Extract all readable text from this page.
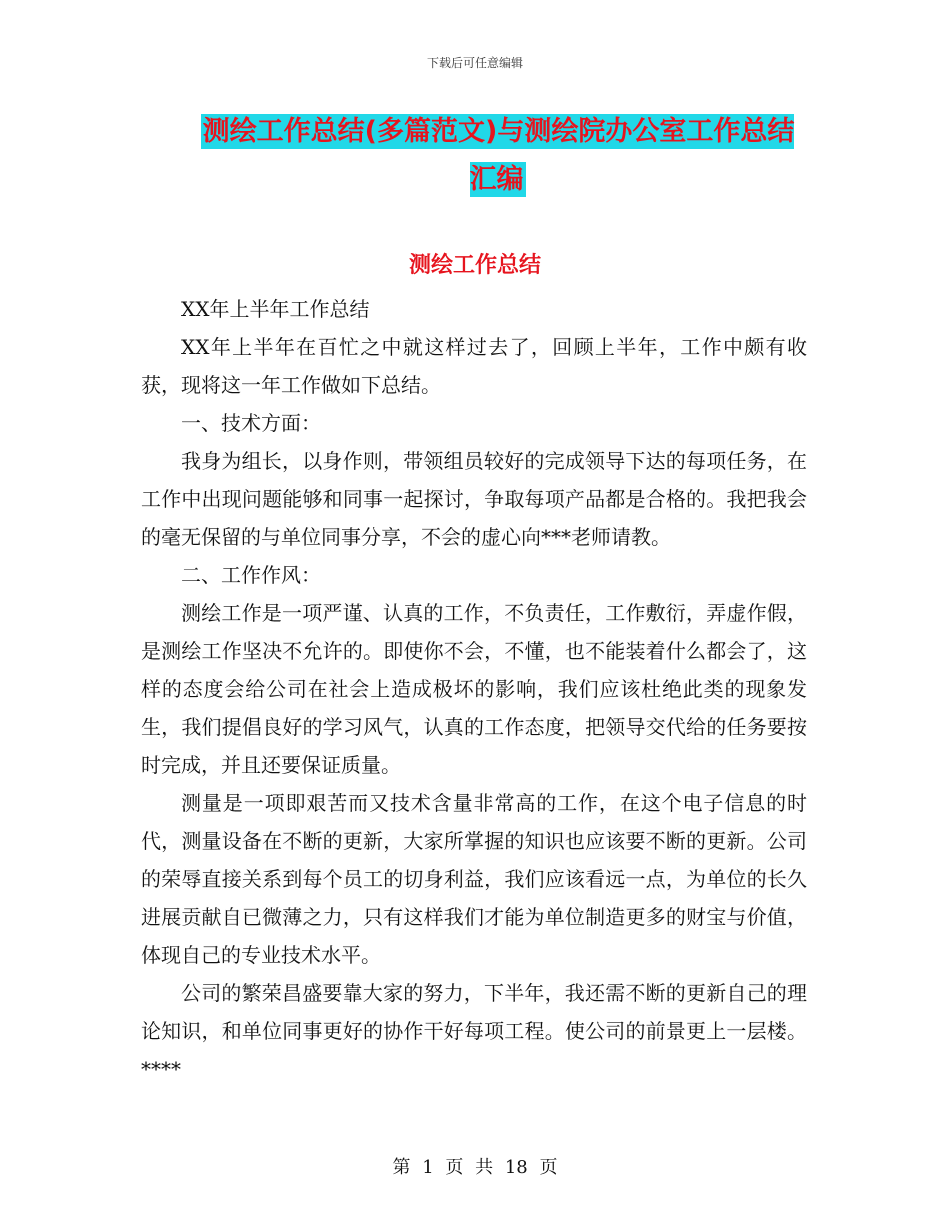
下载后可任意编辑
测绘工作总结(多篇范文)与测绘院办公室工作总结汇编
测绘工作总结

XX年上半年工作总结

XX年上半年在百忙之中就这样过去了，回顾上半年，工作中颇有收获，现将这一年工作做如下总结。

一、技术方面：

我身为组长，以身作则，带领组员较好的完成领导下达的每项任务，在工作中出现问题能够和同事一起探讨，争取每项产品都是合格的。我把我会的毫无保留的与单位同事分享，不会的虚心向***老师请教。

二、工作作风：

测绘工作是一项严谨、认真的工作，不负责任，工作敷衍，弄虚作假，是测绘工作坚决不允许的。即使你不会，不懂，也不能装着什么都会了，这样的态度会给公司在社会上造成极坏的影响，我们应该杜绝此类的现象发生，我们提倡良好的学习风气，认真的工作态度，把领导交代给的任务要按时完成，并且还要保证质量。

测量是一项即艰苦而又技术含量非常高的工作，在这个电子信息的时代，测量设备在不断的更新，大家所掌握的知识也应该要不断的更新。公司的荣辱直接关系到每个员工的切身利益，我们应该看远一点，为单位的长久进展贡献自已微薄之力，只有这样我们才能为单位制造更多的财宝与价值，体现自己的专业技术水平。

公司的繁荣昌盛要靠大家的努力，下半年，我还需不断的更新自己的理论知识，和单位同事更好的协作干好每项工程。使公司的前景更上一层楼。****

第 1 页 共 18 页
